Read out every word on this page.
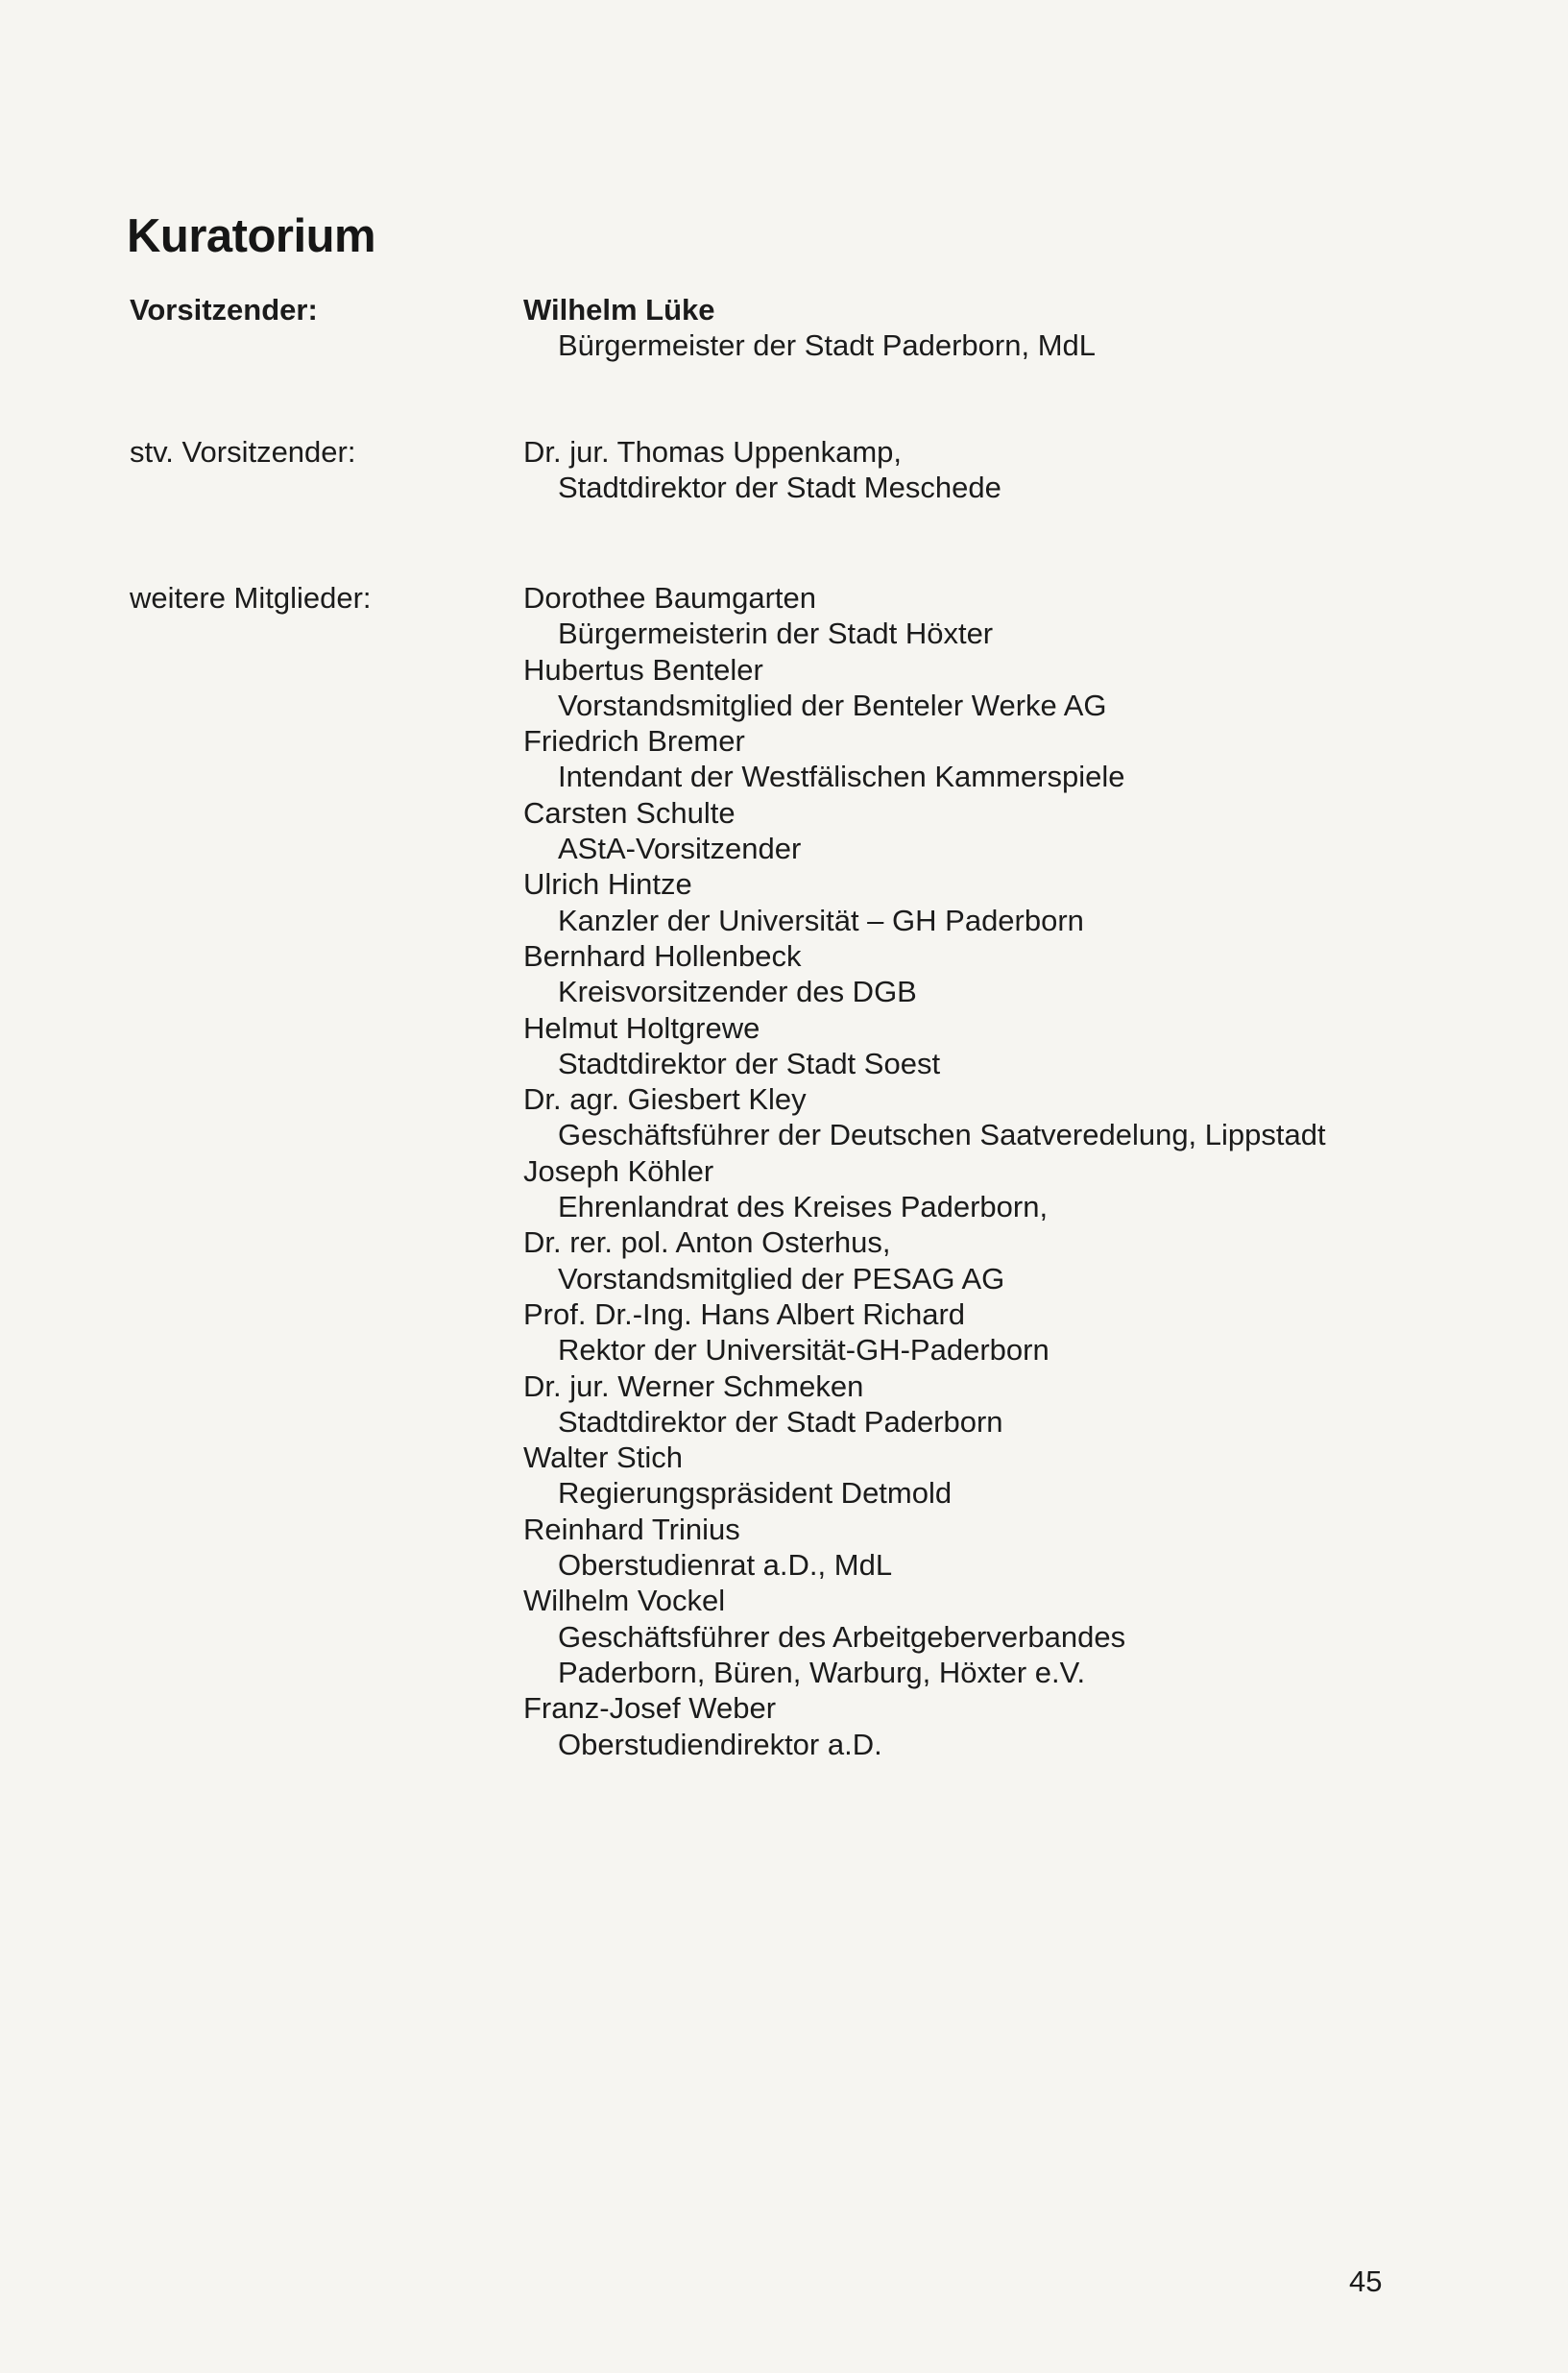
Kuratorium
Vorsitzender:	Wilhelm Lüke
Bürgermeister der Stadt Paderborn, MdL
stv. Vorsitzender:	Dr. jur. Thomas Uppenkamp,
Stadtdirektor der Stadt Meschede
weitere Mitglieder:	Dorothee Baumgarten
Bürgermeisterin der Stadt Höxter
Hubertus Benteler
Vorstandsmitglied der Benteler Werke AG
Friedrich Bremer
Intendant der Westfälischen Kammerspiele
Carsten Schulte
AStA-Vorsitzender
Ulrich Hintze
Kanzler der Universität – GH Paderborn
Bernhard Hollenbeck
Kreisvorsitzender des DGB
Helmut Holtgrewe
Stadtdirektor der Stadt Soest
Dr. agr. Giesbert Kley
Geschäftsführer der Deutschen Saatveredelung, Lippstadt
Joseph Köhler
Ehrenlandrat des Kreises Paderborn,
Dr. rer. pol. Anton Osterhus,
Vorstandsmitglied der PESAG AG
Prof. Dr.-Ing. Hans Albert Richard
Rektor der Universität-GH-Paderborn
Dr. jur. Werner Schmeken
Stadtdirektor der Stadt Paderborn
Walter Stich
Regierungspräsident Detmold
Reinhard Trinius
Oberstudienrat a.D., MdL
Wilhelm Vockel
Geschäftsführer des Arbeitgeberverbandes
Paderborn, Büren, Warburg, Höxter e.V.
Franz-Josef Weber
Oberstudiendirektor a.D.
45
